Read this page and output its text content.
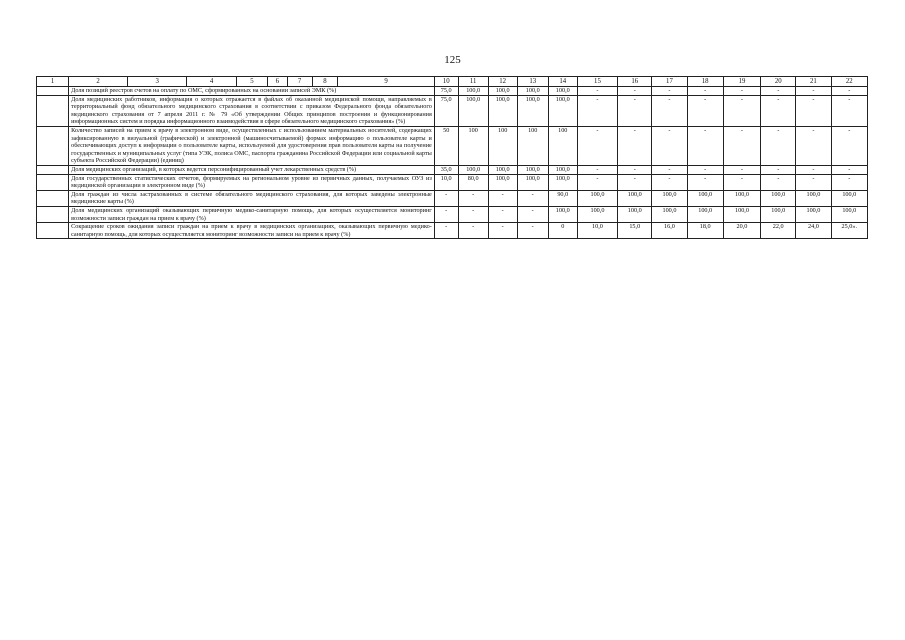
125
1	2	3	4	5	6	7	8	9	10	11	12	13	14	15	16	17	18	19	20	21	22
	Доля позиций реестров счетов на оплату по ОМС, сформированных на основании записей ЭМК (%)								75,0	100,0	100,0	100,0	100,0	-	-	-	-	-	-	-	-
	Доля медицинских работников, информация о которых отражается в файлах об оказанной медицинской помощи, направляемых в территориальный фонд обязательного медицинского страхования в соответствии с приказом Федерального фонда обязательного медицинского страхования от 7 апреля 2011 г. № 79 «Об утверждении Общих принципов построения и функционирования информационных систем и порядка информационного взаимодействия в сфере обязательного медицинского страхования» (%)								75,0	100,0	100,0	100,0	100,0	-	-	-	-	-	-	-	-
	Количество записей на прием к врачу в электронном виде, осуществленных с использованием материальных носителей, содержащих зафиксированную в визуальной (графической) и электронной (машиносчитываемой) формах информацию о пользователе карты и обеспечивающих доступ к информации о пользователе карты, используемой для удостоверения прав пользователя карты на получение государственных и муниципальных услуг (типа УЭК, полиса ОМС, паспорта гражданина Российской Федерации или социальной карты субъекта Российской Федерации) (единиц)								50	100	100	100	100	-	-	-	-	-	-	-	-
	Доля медицинских организаций, в которых ведется персонифицированный учет лекарственных средств (%)								35,0	100,0	100,0	100,0	100,0	-	-	-	-	-	-	-	-
	Доля государственных статистических отчетов, формируемых на региональном уровне из первичных данных, получаемых ОУЗ из медицинской организации в электронном виде (%)								10,0	80,0	100,0	100,0	100,0	-	-	-	-	-	-	-	-
	Доля граждан из числа застрахованных в системе обязательного медицинского страхования, для которых заведены электронные медицинские карты (%)								-	-	-	-	90,0	100,0	100,0	100,0	100,0	100,0	100,0	100,0	100,0
	Доля медицинских организаций оказывающих первичную медико-санитарную помощь, для которых осуществляется мониторинг возможности записи граждан на прием к врачу (%)								-	-	-	-	100,0	100,0	100,0	100,0	100,0	100,0	100,0	100,0	100,0
	Сокращение сроков ожидания записи граждан на прием к врачу в медицинских организациях, оказывающих первичную медико-санитарную помощь, для которых осуществляется мониторинг возможности записи на прием к врачу (%)								-	-	-	-	0	10,0	15,0	16,0	18,0	20,0	22,0	24,0	25,0».
